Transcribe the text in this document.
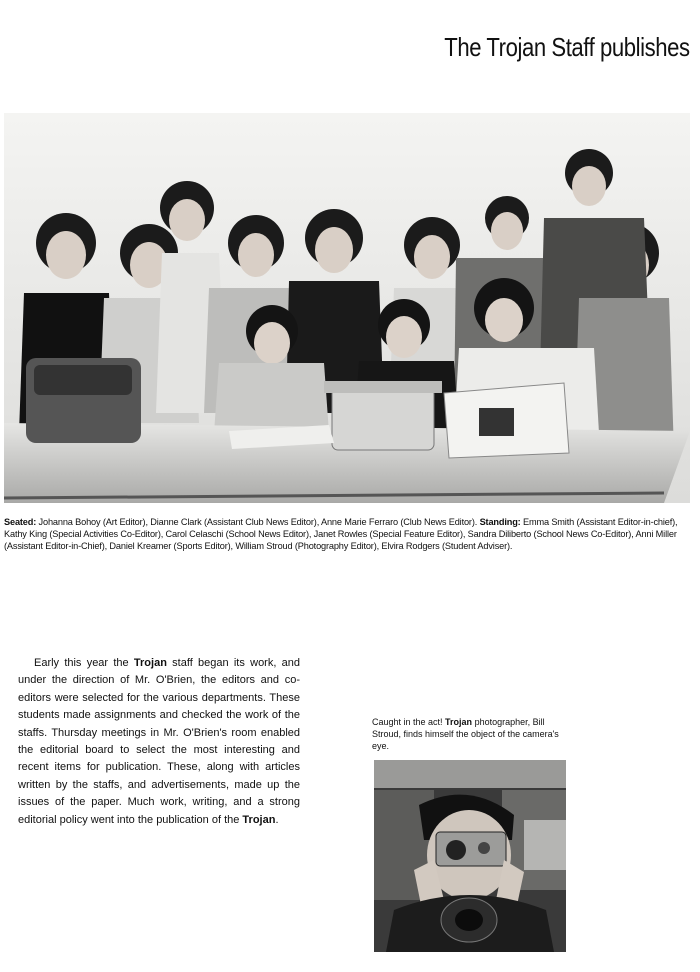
The Trojan Staff publishes
Seated: Johanna Bohoy (Art Editor), Dianne Clark (Assistant Club News Editor), Anne Marie Ferraro (Club News Editor). Standing: Emma Smith (Assistant Editor-in-chief), Kathy King (Special Activities Co-Editor), Carol Celaschi (School News Editor), Janet Rowles (Special Feature Editor), Sandra Diliberto (School News Co-Editor), Anni Miller (Assistant Editor-in-Chief), Daniel Kreamer (Sports Editor), William Stroud (Photography Editor), Elvira Rodgers (Student Adviser).
Early this year the Trojan staff began its work, and under the direction of Mr. O'Brien, the editors and co-editors were selected for the various departments. These students made assignments and checked the work of the staffs. Thursday meetings in Mr. O'Brien's room enabled the editorial board to select the most interesting and recent items for publication. These, along with articles written by the staffs, and advertisements, made up the issues of the paper. Much work, writing, and a strong editorial policy went into the publication of the Trojan.
Caught in the act! Trojan photographer, Bill Stroud, finds himself the object of the camera's eye.
